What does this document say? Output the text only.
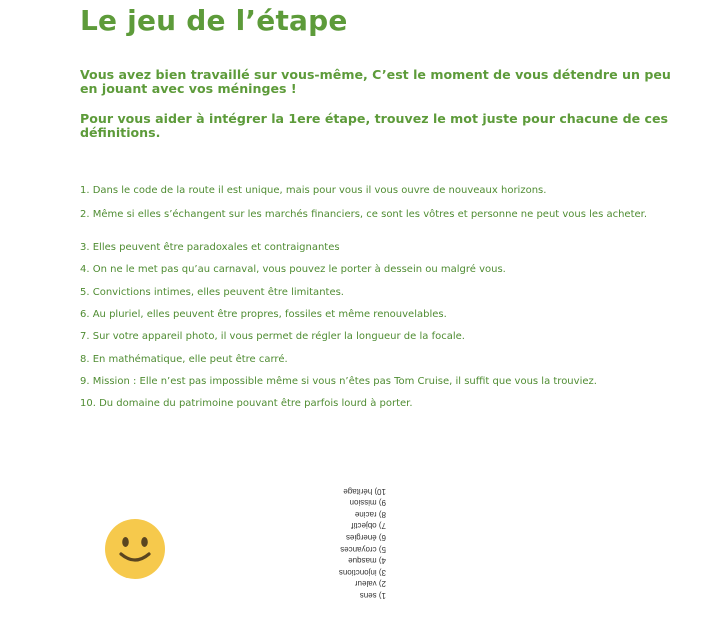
Le jeu de l’étape

Vous avez bien travaillé sur vous-même, C’est le moment de vous détendre un peu en jouant avec vos méninges !

Pour vous aider à intégrer la 1ere étape, trouvez le mot juste pour chacune de ces définitions.

1. Dans le code de la route il est unique, mais pour vous il vous ouvre de nouveaux horizons.

2. Même si elles s’échangent sur les marchés financiers, ce sont les vôtres et personne ne peut vous les acheter.

3. Elles peuvent être paradoxales et contraignantes

4. On ne le met pas qu’au carnaval, vous pouvez le porter à dessein ou malgré vous.

5. Convictions intimes, elles peuvent être limitantes.

6. Au pluriel, elles peuvent être propres, fossiles et même renouvelables.

7. Sur votre appareil photo, il vous permet de régler la longueur de la focale.

8. En mathématique, elle peut être carré.

9. Mission : Elle n’est pas impossible même si vous n’êtes pas Tom Cruise, il suffit que vous la trouviez.

10. Du domaine du patrimoine pouvant être parfois lourd à porter.

1) sens
2) valeur
3) injonctions
4) masque
5) croyances
6) énergies
7) objectif
8) racine
9) mission
10) héritage
